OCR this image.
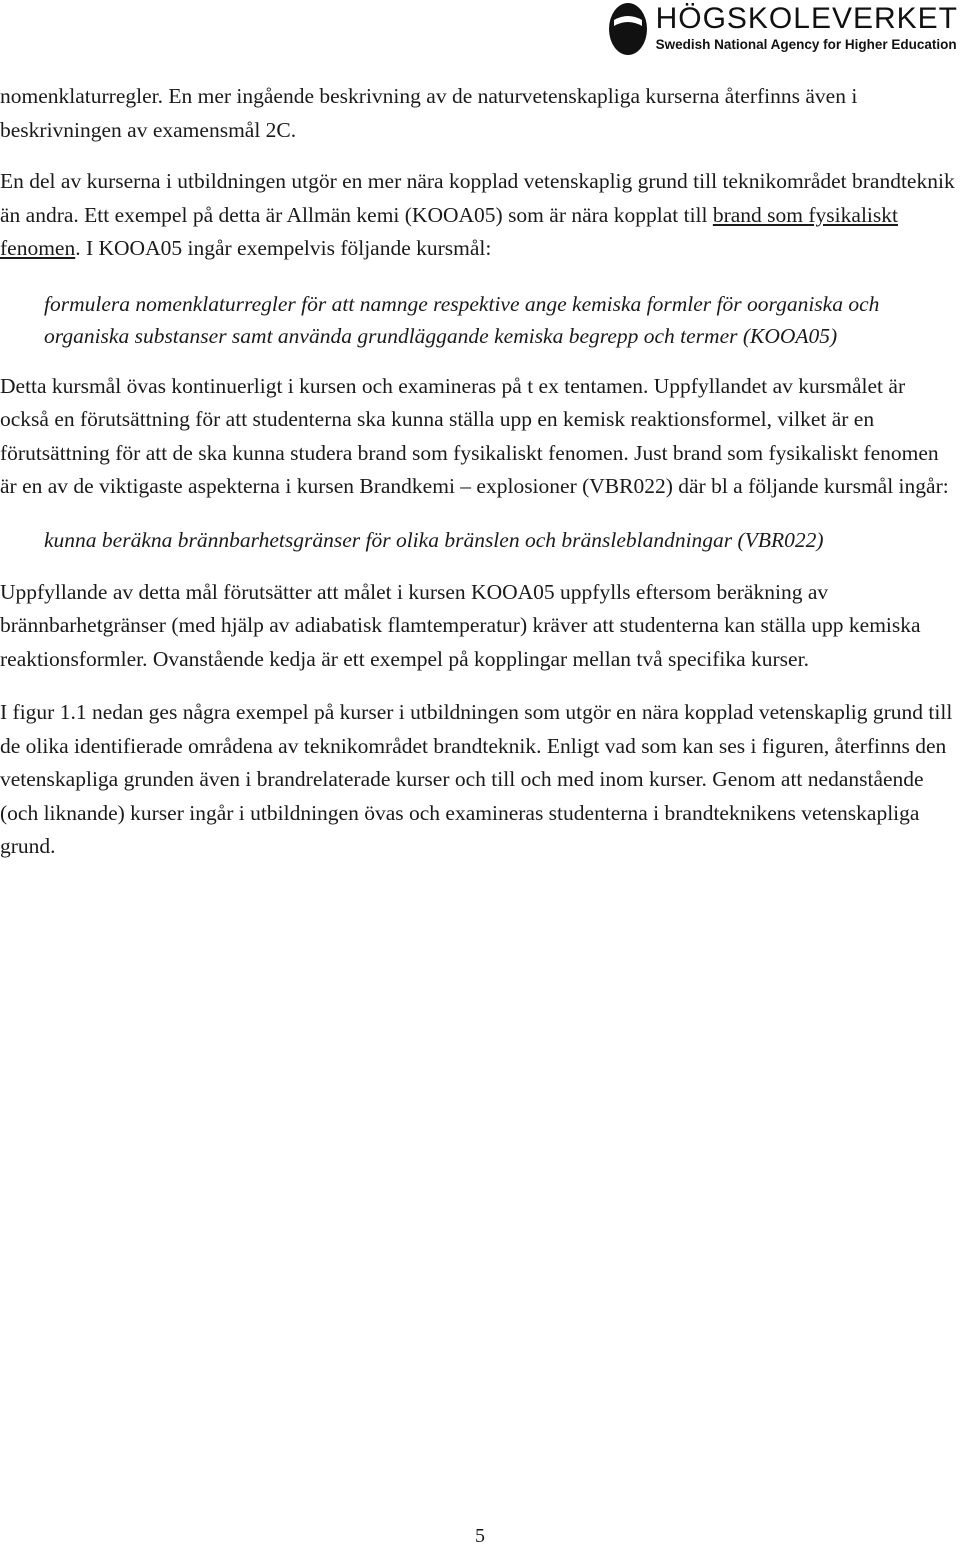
HÖGSKOLEVERKET
Swedish National Agency for Higher Education

nomenklaturregler. En mer ingående beskrivning av de naturvetenskapliga kurserna återfinns även i beskrivningen av examensmål 2C.

En del av kurserna i utbildningen utgör en mer nära kopplad vetenskaplig grund till teknikområdet brandteknik än andra. Ett exempel på detta är Allmän kemi (KOOA05) som är nära kopplat till brand som fysikaliskt fenomen. I KOOA05 ingår exempelvis följande kursmål:

formulera nomenklaturregler för att namnge respektive ange kemiska formler för oorganiska och organiska substanser samt använda grundläggande kemiska begrepp och termer (KOOA05)

Detta kursmål övas kontinuerligt i kursen och examineras på t ex tentamen. Uppfyllandet av kursmålet är också en förutsättning för att studenterna ska kunna ställa upp en kemisk reaktionsformel, vilket är en förutsättning för att de ska kunna studera brand som fysikaliskt fenomen. Just brand som fysikaliskt fenomen är en av de viktigaste aspekterna i kursen Brandkemi – explosioner (VBR022) där bl a följande kursmål ingår:

kunna beräkna brännbarhetsgränser för olika bränslen och bränsleblandningar (VBR022)

Uppfyllande av detta mål förutsätter att målet i kursen KOOA05 uppfylls eftersom beräkning av brännbarhetgränser (med hjälp av adiabatisk flamtemperatur) kräver att studenterna kan ställa upp kemiska reaktionsformler. Ovanstående kedja är ett exempel på kopplingar mellan två specifika kurser.

I figur 1.1 nedan ges några exempel på kurser i utbildningen som utgör en nära kopplad vetenskaplig grund till de olika identifierade områdena av teknikområdet brandteknik. Enligt vad som kan ses i figuren, återfinns den vetenskapliga grunden även i brandrelaterade kurser och till och med inom kurser. Genom att nedanstående (och liknande) kurser ingår i utbildningen övas och examineras studenterna i brandteknikens vetenskapliga grund.

5
